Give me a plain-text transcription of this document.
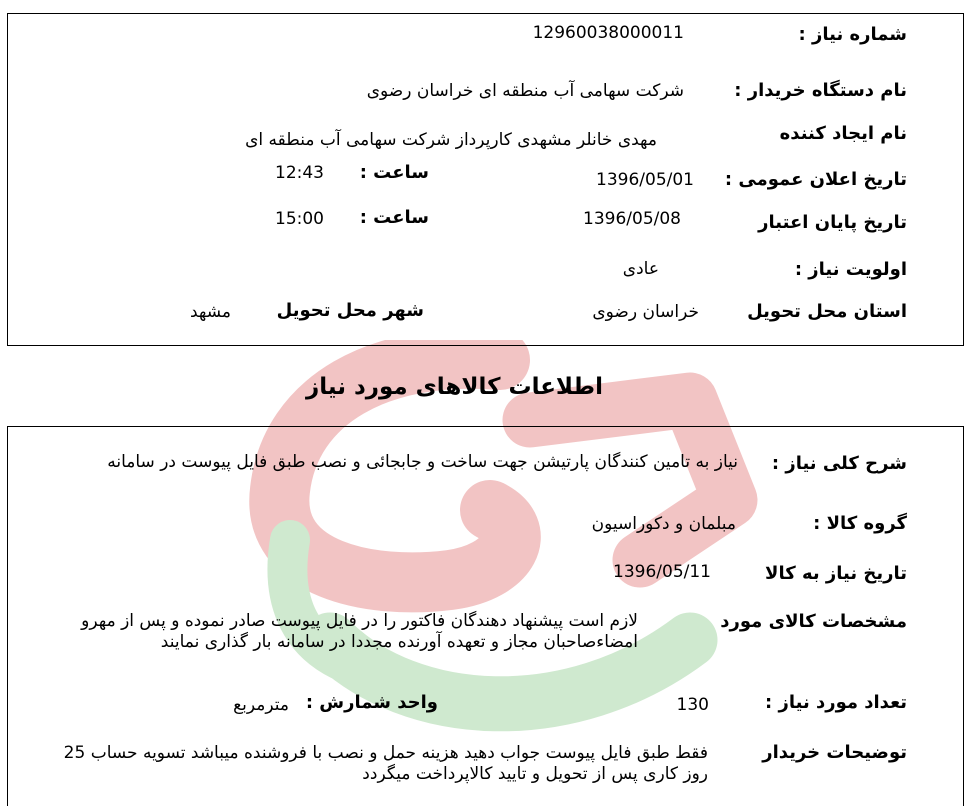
شماره نیاز :
12960038000011
نام دستگاه خریدار :
شرکت سهامی آب منطقه ای خراسان رضوی
نام ایجاد کننده
مهدی خانلر مشهدی کارپرداز شرکت سهامی آب منطقه ای
تاریخ اعلان عمومی :
1396/05/01
ساعت :
12:43
تاریخ پایان اعتبار
1396/05/08
ساعت :
15:00
اولویت نیاز :
عادی
استان محل تحویل
خراسان رضوی
شهر محل تحویل
مشهد
اطلاعات کالاهای مورد نیاز
شرح کلی نیاز :
نیاز به تامین کنندگان پارتیشن جهت ساخت و جابجائی و نصب طبق فایل پیوست در سامانه
گروه کالا :
مبلمان و دکوراسیون
تاریخ نیاز به کالا
1396/05/11
مشخصات کالای مورد
لازم است پیشنهاد دهندگان فاکتور را در فایل پیوست صادر نموده و پس از مهرو امضاءصاحبان مجاز و تعهده آورنده مجددا در سامانه بار گذاری نمایند
تعداد مورد نیاز :
130
واحد شمارش :
مترمربع
توضیحات خریدار
فقط طبق فایل پیوست جواب دهید هزینه حمل و نصب با فروشنده میباشد تسویه حساب 25 روز کاری پس از تحویل و تایید کالاپرداخت میگردد
